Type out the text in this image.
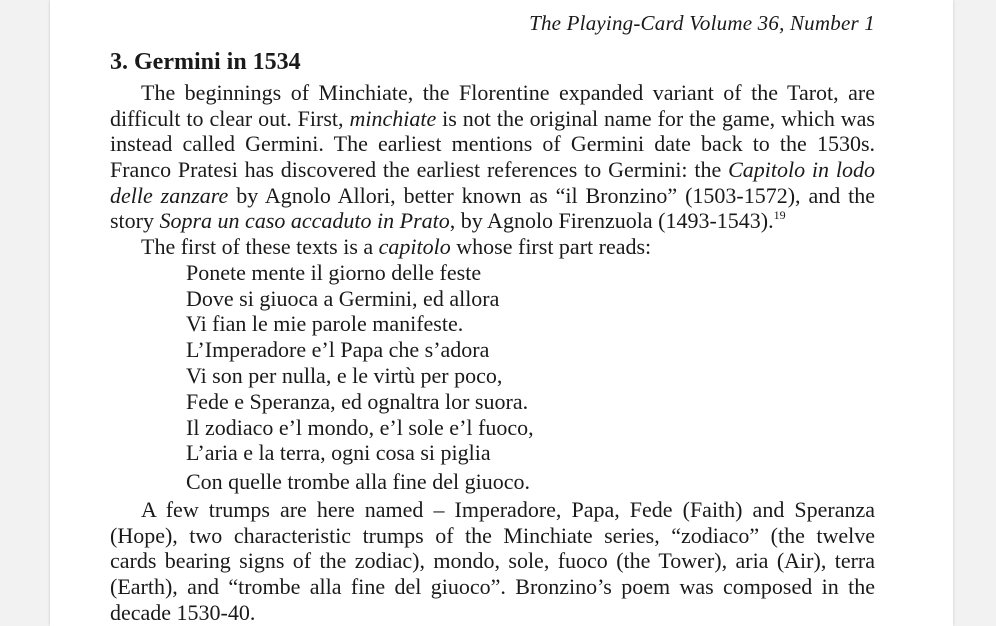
The Playing-Card Volume 36, Number 1
3. Germini in 1534
The beginnings of Minchiate, the Florentine expanded variant of the Tarot, are
difficult to clear out. First, minchiate is not the original name for the game, which was
instead called Germini. The earliest mentions of Germini date back to the 1530s.
Franco Pratesi has discovered the earliest references to Germini: the Capitolo in lodo
delle zanzare by Agnolo Allori, better known as “il Bronzino” (1503-1572), and the
story Sopra un caso accaduto in Prato, by Agnolo Firenzuola (1493-1543).$^{19}$
The first of these texts is a capitolo whose first part reads:
Ponete mente il giorno delle feste
Dove si giuoca a Germini, ed allora
Vi fian le mie parole manifeste.
L’Imperadore e’l Papa che s’adora
Vi son per nulla, e le virtù per poco,
Fede e Speranza, ed ognaltra lor suora.
Il zodiaco e’l mondo, e’l sole e’l fuoco,
L’aria e la terra, ogni cosa si piglia
Con quelle trombe alla fine del giuoco.
A few trumps are here named – Imperadore, Papa, Fede (Faith) and Speranza
(Hope), two characteristic trumps of the Minchiate series, “zodiaco” (the twelve
cards bearing signs of the zodiac), mondo, sole, fuoco (the Tower), aria (Air), terra
(Earth), and “trombe alla fine del giuoco”. Bronzino’s poem was composed in the
decade 1530-40.
